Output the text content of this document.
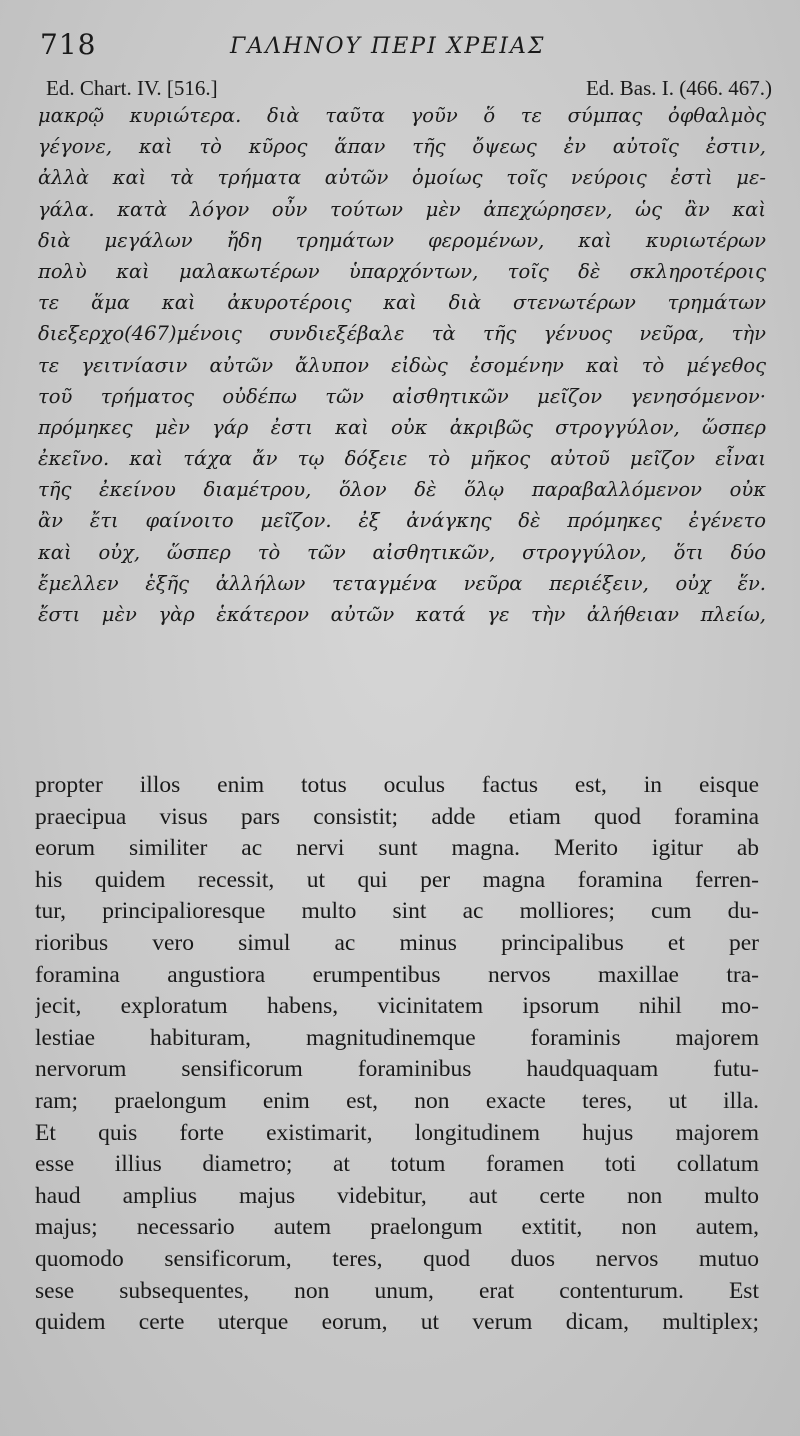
718	ΓΑΛΗΝΟΥ ΠΕΡΙ ΧΡΕΙΑΣ
Ed. Chart. IV. [516.]	Ed. Bas. I. (466. 467.)
μακρῷ κυριώτερα. διὰ ταῦτα γοῦν ὅ τε σύμπας ὀφθαλμὸς
γέγονε, καὶ τὸ κῦρος ἅπαν τῆς ὄψεως ἐν αὐτοῖς ἐστιν,
ἀλλὰ καὶ τὰ τρήματα αὐτῶν ὁμοίως τοῖς νεύροις ἐστὶ με-
γάλα. κατὰ λόγον οὖν τούτων μὲν ἀπεχώρησεν, ὡς ἂν καὶ
διὰ μεγάλων ἤδη τρημάτων φερομένων, καὶ κυριωτέρων
πολὺ καὶ μαλακωτέρων ὑπαρχόντων, τοῖς δὲ σκληροτέροις
τε ἅμα καὶ ἀκυροτέροις καὶ διὰ στενωτέρων τρημάτων
διεξερχο(467)μένοις συνδιεξέβαλε τὰ τῆς γένυος νεῦρα, τὴν
τε γειτνίασιν αὐτῶν ἄλυπον εἰδὼς ἐσομένην καὶ τὸ μέγεθος
τοῦ τρήματος οὐδέπω τῶν αἰσθητικῶν μεῖζον γενησόμενον·
πρόμηκες μὲν γάρ ἐστι καὶ οὐκ ἀκριβῶς στρογγύλον, ὥσπερ
ἐκεῖνο. καὶ τάχα ἄν τῳ δόξειε τὸ μῆκος αὐτοῦ μεῖζον εἶναι
τῆς ἐκείνου διαμέτρου, ὅλον δὲ ὅλῳ παραβαλλόμενον οὐκ
ἂν ἔτι φαίνοιτο μεῖζον. ἐξ ἀνάγκης δὲ πρόμηκες ἐγένετο
καὶ οὐχ, ὥσπερ τὸ τῶν αἰσθητικῶν, στρογγύλον, ὅτι δύο
ἔμελλεν ἑξῆς ἀλλήλων τεταγμένα νεῦρα περιέξειν, οὐχ ἕν.
ἔστι μὲν γὰρ ἑκάτερον αὐτῶν κατά γε τὴν ἀλήθειαν πλείω,
propter illos enim totus oculus factus est, in eisque
praecipua visus pars consistit; adde etiam quod foramina
eorum similiter ac nervi sunt magna. Merito igitur ab
his quidem recessit, ut qui per magna foramina ferren-
tur, principalioresque multo sint ac molliores; cum du-
rioribus vero simul ac minus principalibus et per
foramina angustiora erumpentibus nervos maxillae tra-
jecit, exploratum habens, vicinitatem ipsorum nihil mo-
lestiae habituram, magnitudinemque foraminis majorem
nervorum sensificorum foraminibus haudquaquam futu-
ram; praelongum enim est, non exacte teres, ut illa.
Et quis forte existimarit, longitudinem hujus majorem
esse illius diametro; at totum foramen toti collatum
haud amplius majus videbitur, aut certe non multo
majus; necessario autem praelongum extitit, non autem,
quomodo sensificorum, teres, quod duos nervos mutuo
sese subsequentes, non unum, erat contenturum. Est
quidem certe uterque eorum, ut verum dicam, multiplex;
